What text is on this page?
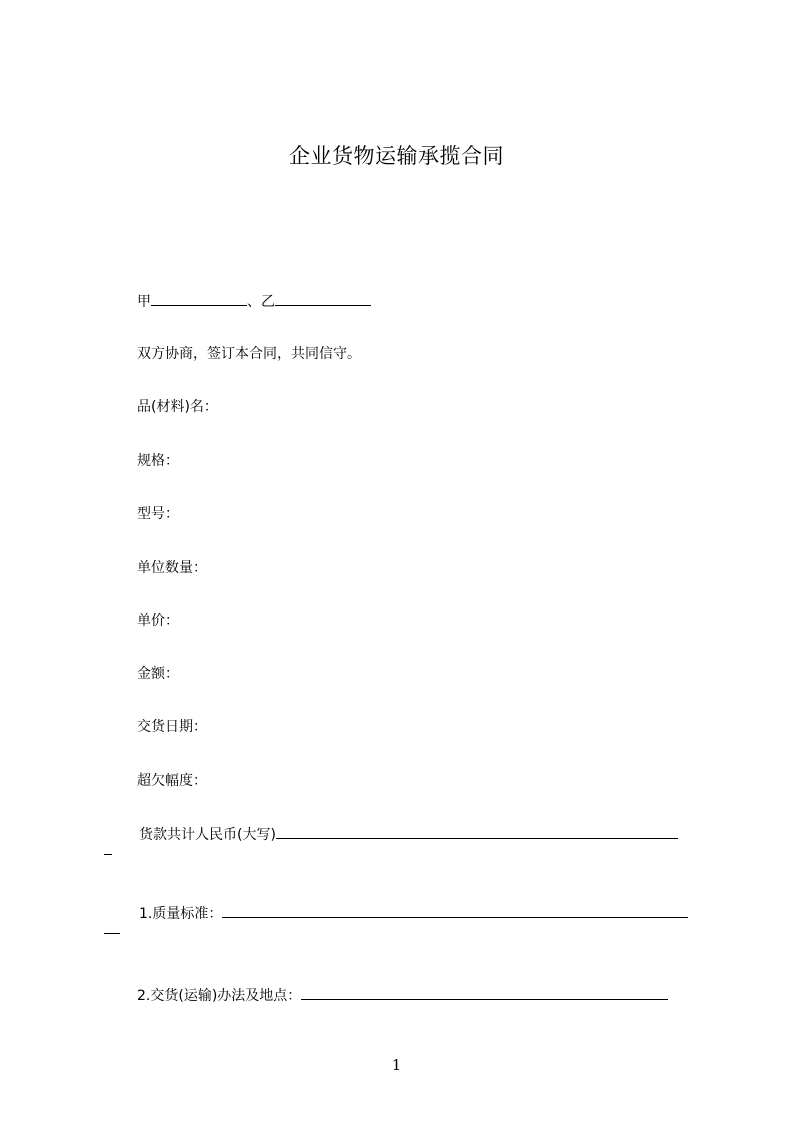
企业货物运输承揽合同
甲	、乙
双方协商，签订本合同，共同信守。
品(材料)名：
规格：
型号：
单位数量：
单价：
金额：
交货日期：
超欠幅度：
货款共计人民币(大写)
1.质量标准：
2.交货(运输)办法及地点：
1
